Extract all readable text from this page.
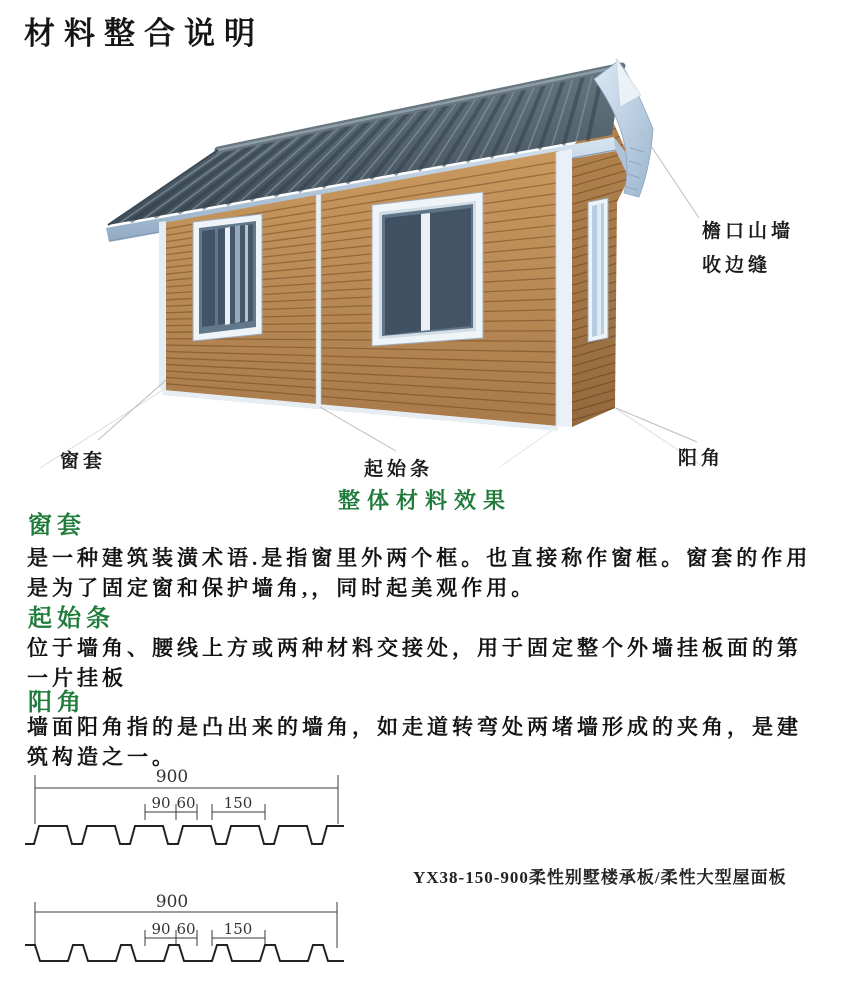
材料整合说明
檐口山墙
收边缝
窗套	起始条
阳角
整体材料效果
窗套
是一种建筑装潢术语.是指窗里外两个框。也直接称作窗框。窗套的作用
是为了固定窗和保护墙角,，同时起美观作用。
起始条
位于墙角、腰线上方或两种材料交接处，用于固定整个外墙挂板面的第
一片挂板
阳角
墙面阳角指的是凸出来的墙角，如走道转弯处两堵墙形成的夹角，是建
筑构造之一。
900
90 60 150
900
90 60 150
YX38-150-900柔性别墅楼承板/柔性大型屋面板
